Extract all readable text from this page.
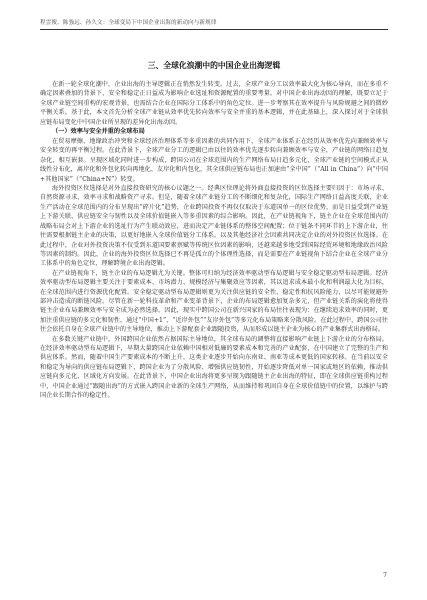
程雲俊、陈強远、孙久文：全球变局下中国企业出海的新动向与新规律
三、全球化浪潮中的中国企业出海逻辑

在新一轮全球化潮中，企业出海的主导逻辑正在悄然发生转变。过去，全球产业分工以效率最大化为核心导向，而在多重不确定因素叠加的背景下，安全和稳定正日益成为影响企业选址和资源配置的重要考量。对中国企业出海动因的理解，既要立足于全球产业链空间重构的宏观背景，也需结合企业在国际分工体系中的角色定位。进一步考察其在效率提升与风险规避之间的微妙平衡关系。基于此，本文首先分析全球产业链从效率优先转向效率与安全并重的基本逻辑，并在此基础上，深入探讨对于全球供应链布局变化中中国企业所呈现的差异化出海动因。

（一）效率与安全并重的全球布局

在贸易摩擦、地缘政治冲突和全球经济治理体系等多重因素的共同作用下，全球产业体系正在经历从效率优先向兼顾效率与安全转变的再平衡过程。在此背景下，全球产业分工的逻辑已由以往的效率优先逐步转向兼顾效率与安全，产业链的网络日趋复杂化，相互嵌套。呈现区域化同时进一步构成，跨国公司在全球范围内的生产网络布局日趋多元化，全球产业链的空间模式正从线性分布化，离岸化和外包化转向再地化、友岸化和内包化，其全球供应链布局也正加速由“全中国”（“All in China”）向“中国+其他国家”（“China+N”）转变。

海外投资区位选择是对外直接投资研究的核心议题之一。经典区位理论将外商直接投资的区位选择主要归因于：市场寻求、自然资源寻求、效率寻求和战略资产寻求。但是，随着全球产业链分工的不断细化和复杂化，国际生产网络日益高度关联，企业生产活动在全球范围内的分布呈现出“碎片化”趋势，企业跨国投资不再仅仅取决于东道国单一的区位优势，而是日益受到产业链上下游关联、供应链安全与韧性以及全球价值链嵌入等多重因素的综合影响。因此，在产业链视角下，链主企业在全球范围内的战略布局会对上下游企业的选址行为产生联动效应，进而决定产业链体系的整体空间配置；位于链条不同环节的上下游企业，往往需要根据链主企业的决策，以更好地嵌入全球价值链分工体系。以及其他经济社会因素共同决定企业的对外投资区位选择。在此过程中，企业对外投资决策不仅受到东道国要素禀赋等传统区位因素的影响，还越来越多地受到国际经贸环境和地缘政治风险等因素的制约。因此，企业的海外投资区位选择已不再是孤立的个体理性选择，而是需要在产业链视角下结合企业在全球产业分工体系中的角色定位，理解跨境企业出海逻辑。

在产业链视角下，链主企业的布局逻辑尤为关键。整体可归纳为经济效率驱动型布局逻辑与安全稳定驱动型布局逻辑。经济效率驱动型布局逻辑主要关注于要素成本、市场潜力、规模经济与集聚效应等因素，其以追求成本最小化和利润最大化为目标，在全球范围内进行资源优化配置。安全稳定驱动型布局逻辑则更为关注供应链的安全性、稳定性和抗风险能力，以尽可能规避外部冲击造成的断链风险。尽管在新一轮科技革命和产业变革背景下，企业的布局逻辑愈加复杂多元，但产业链关系的演化将使得链主企业布局兼顾效率与安全成为必然选择。因此，现实中跨国公司在新兴国家的布局往往表现为：在继续追求效率的同时，更加注重供应链的多元化和韧性，通过“中国+1”、“近岸外包”“友岸外包”等多元化布局策略来分散风险。在此过程中，跨国公司往往会依托自身在全球产业链中的主导地位，推动上下游配套企业跟随投资，从而形成以链主企业为核心的产业集群式出海格局。

在多数关键产业链中，外国跨国企业依然占据国际主导地位，其全球布局的调整将直接影响产业链上下游企业的分布格局。在经济效率驱动型布局逻辑下，早期大量跨国企业依赖中国相对低廉的要素成本和完善的产业配套，在中国建立了完整的生产和供应体系。然而，随着中国生产要素成本的不断上升，这类企业逐步开始向东南亚、南亚等成本更低的国家转移。在当前以安全和稳定为导向的供应链布局逻辑下，跨国企业为了分散风险、增强供应链韧性，开始逐步降低对单一国家或地区的依赖，推动供应链向多元化、区域化方向发展。在此背景下，中国企业出海将更多呈现为跟随链主企业出海的特征，即在全球供应链重构过程中，中国企业通过“跟随出海”的方式嵌入跨国企业新的全球生产网络，从而维持和巩固自身在全球价值链中的位置，以维护与跨国企业长期合作的稳定性。

7
